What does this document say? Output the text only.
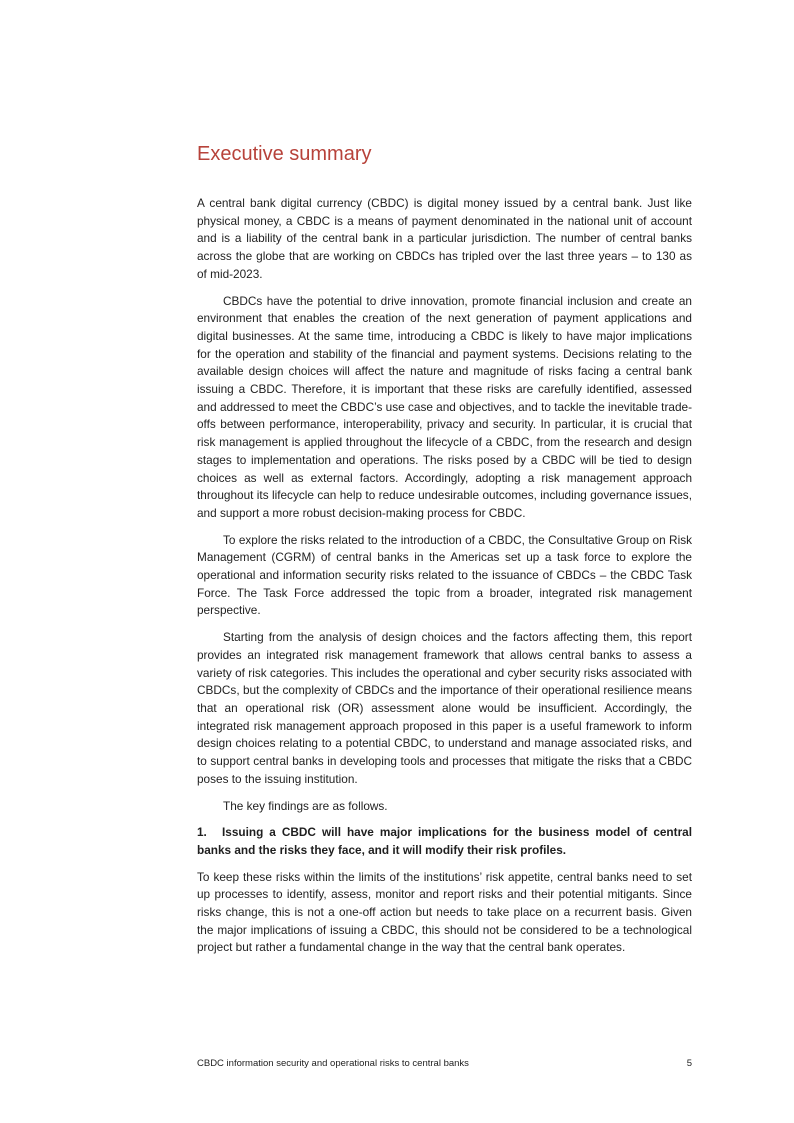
Executive summary

A central bank digital currency (CBDC) is digital money issued by a central bank. Just like physical money, a CBDC is a means of payment denominated in the national unit of account and is a liability of the central bank in a particular jurisdiction. The number of central banks across the globe that are working on CBDCs has tripled over the last three years – to 130 as of mid-2023.

CBDCs have the potential to drive innovation, promote financial inclusion and create an environment that enables the creation of the next generation of payment applications and digital businesses. At the same time, introducing a CBDC is likely to have major implications for the operation and stability of the financial and payment systems. Decisions relating to the available design choices will affect the nature and magnitude of risks facing a central bank issuing a CBDC. Therefore, it is important that these risks are carefully identified, assessed and addressed to meet the CBDC’s use case and objectives, and to tackle the inevitable trade-offs between performance, interoperability, privacy and security. In particular, it is crucial that risk management is applied throughout the lifecycle of a CBDC, from the research and design stages to implementation and operations. The risks posed by a CBDC will be tied to design choices as well as external factors. Accordingly, adopting a risk management approach throughout its lifecycle can help to reduce undesirable outcomes, including governance issues, and support a more robust decision-making process for CBDC.

To explore the risks related to the introduction of a CBDC, the Consultative Group on Risk Management (CGRM) of central banks in the Americas set up a task force to explore the operational and information security risks related to the issuance of CBDCs – the CBDC Task Force. The Task Force addressed the topic from a broader, integrated risk management perspective.

Starting from the analysis of design choices and the factors affecting them, this report provides an integrated risk management framework that allows central banks to assess a variety of risk categories. This includes the operational and cyber security risks associated with CBDCs, but the complexity of CBDCs and the importance of their operational resilience means that an operational risk (OR) assessment alone would be insufficient. Accordingly, the integrated risk management approach proposed in this paper is a useful framework to inform design choices relating to a potential CBDC, to understand and manage associated risks, and to support central banks in developing tools and processes that mitigate the risks that a CBDC poses to the issuing institution.

The key findings are as follows.

1. Issuing a CBDC will have major implications for the business model of central banks and the risks they face, and it will modify their risk profiles.

To keep these risks within the limits of the institutions’ risk appetite, central banks need to set up processes to identify, assess, monitor and report risks and their potential mitigants. Since risks change, this is not a one-off action but needs to take place on a recurrent basis. Given the major implications of issuing a CBDC, this should not be considered to be a technological project but rather a fundamental change in the way that the central bank operates.

CBDC information security and operational risks to central banks	5
